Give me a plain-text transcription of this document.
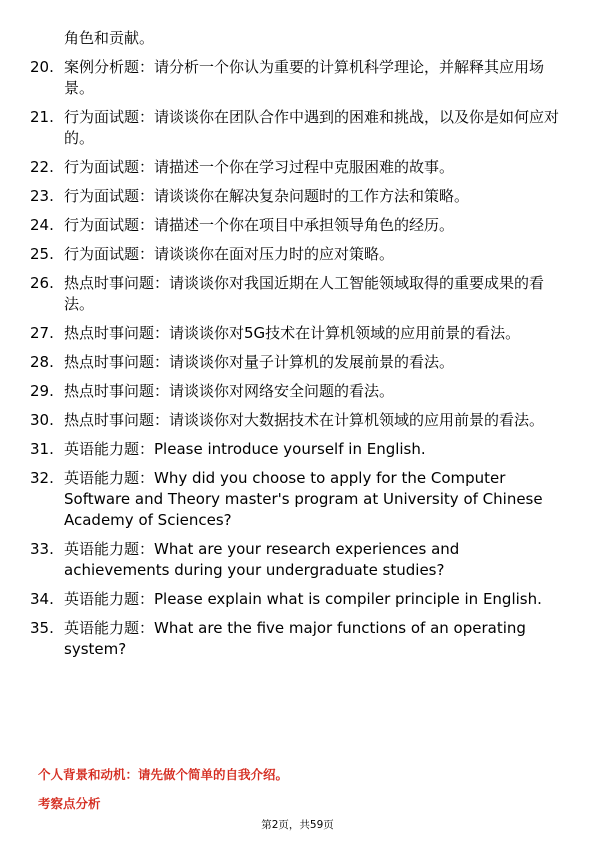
角色和贡献。
20. 案例分析题：请分析一个你认为重要的计算机科学理论，并解释其应用场景。
21. 行为面试题：请谈谈你在团队合作中遇到的困难和挑战，以及你是如何应对的。
22. 行为面试题：请描述一个你在学习过程中克服困难的故事。
23. 行为面试题：请谈谈你在解决复杂问题时的工作方法和策略。
24. 行为面试题：请描述一个你在项目中承担领导角色的经历。
25. 行为面试题：请谈谈你在面对压力时的应对策略。
26. 热点时事问题：请谈谈你对我国近期在人工智能领域取得的重要成果的看法。
27. 热点时事问题：请谈谈你对5G技术在计算机领域的应用前景的看法。
28. 热点时事问题：请谈谈你对量子计算机的发展前景的看法。
29. 热点时事问题：请谈谈你对网络安全问题的看法。
30. 热点时事问题：请谈谈你对大数据技术在计算机领域的应用前景的看法。
31. 英语能力题：Please introduce yourself in English.
32. 英语能力题：Why did you choose to apply for the Computer Software and Theory master's program at University of Chinese Academy of Sciences?
33. 英语能力题：What are your research experiences and achievements during your undergraduate studies?
34. 英语能力题：Please explain what is compiler principle in English.
35. 英语能力题：What are the five major functions of an operating system?
个人背景和动机：请先做个简单的自我介绍。
考察点分析
第2页，共59页
